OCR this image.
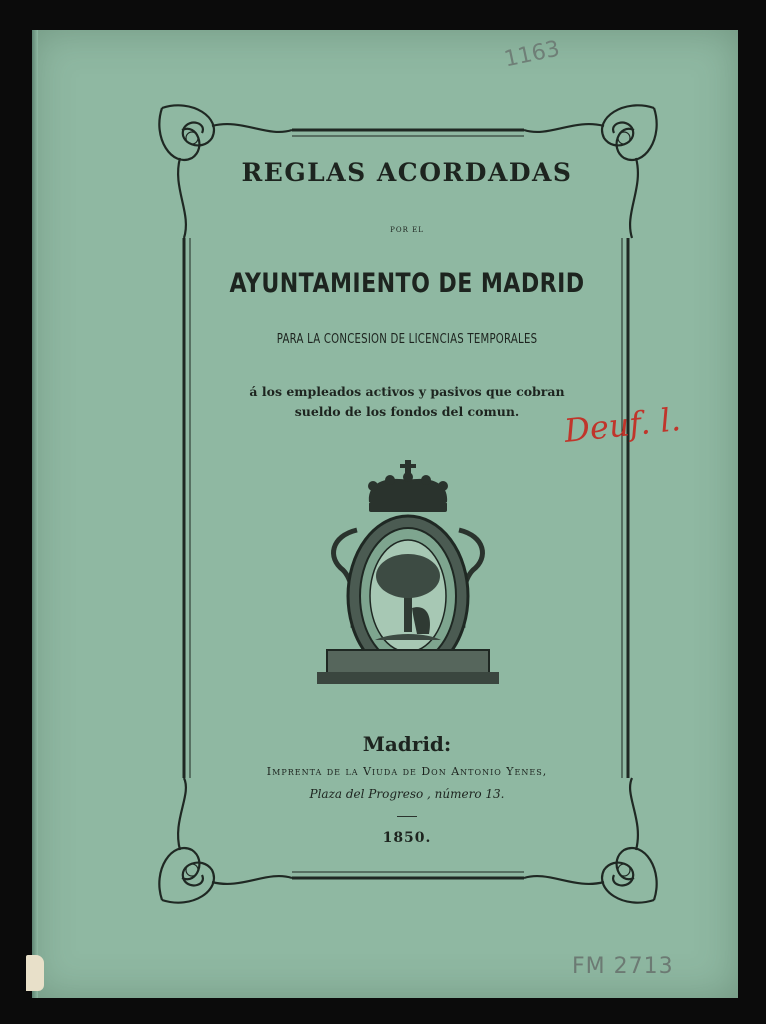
REGLAS ACORDADAS
POR EL
AYUNTAMIENTO DE MADRID
PARA LA CONCESION DE LICENCIAS TEMPORALES
á los empleados activos y pasivos que cobran
sueldo de los fondos del comun.	Deuf. l.
1163
Madrid:
Imprenta de la Viuda de Don Antonio Yenes,
Plaza del Progreso , número 13.
1850.
FM 2713
